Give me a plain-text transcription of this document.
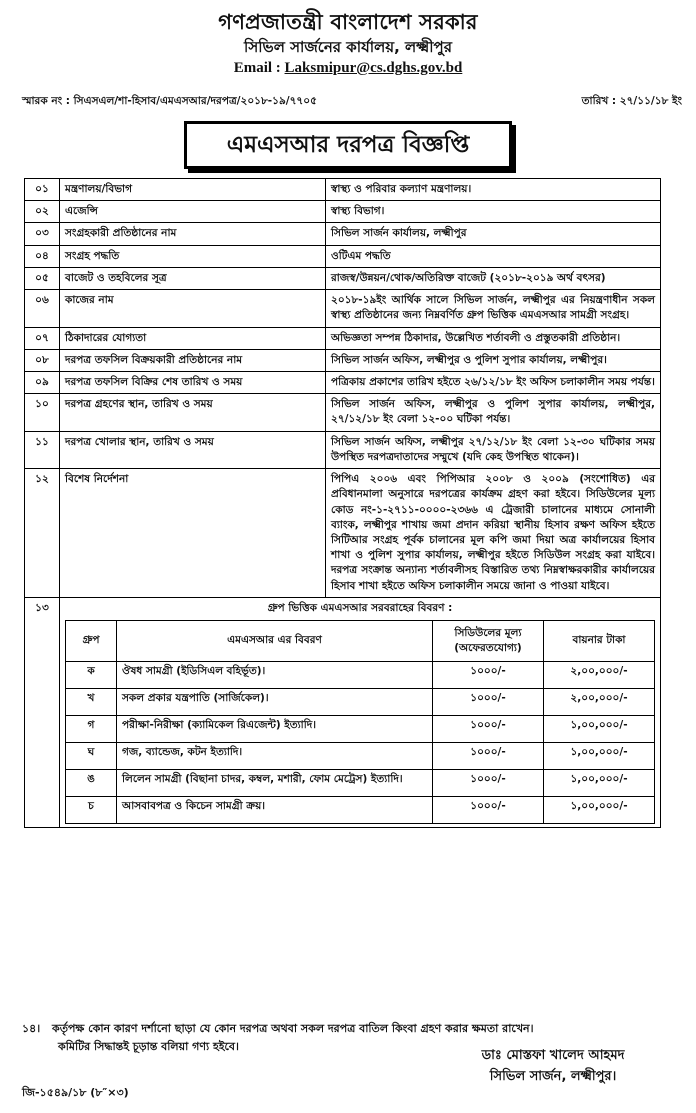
গণপ্রজাতন্ত্রী বাংলাদেশ সরকার
সিভিল সার্জনের কার্যালয়, লক্ষ্মীপুর
Email : Laksmipur@cs.dghs.gov.bd
স্মারক নং : সিএসএল/শা-হিসাব/এমএসআর/দরপত্র/২০১৮-১৯/৭৭০৫	তারিখ : ২৭/১১/১৮ ইং
এমএসআর দরপত্র বিজ্ঞপ্তি
০১	মন্ত্রণালয়/বিভাগ	স্বাস্থ্য ও পরিবার কল্যাণ মন্ত্রণালয়।
০২	এজেন্সি	স্বাস্থ্য বিভাগ।
০৩	সংগ্রহকারী প্রতিষ্ঠানের নাম	সিভিল সার্জন কার্যালয়, লক্ষ্মীপুর
০৪	সংগ্রহ পদ্ধতি	ওটিএম পদ্ধতি
০৫	বাজেট ও তহবিলের সূত্র	রাজস্ব/উন্নয়ন/থোক/অতিরিক্ত বাজেট (২০১৮-২০১৯ অর্থ বৎসর)
০৬	কাজের নাম	২০১৮-১৯ইং আর্থিক সালে সিভিল সার্জন, লক্ষ্মীপুর এর নিয়ন্ত্রণাধীন সকল স্বাস্থ্য প্রতিষ্ঠানের জন্য নিম্নবর্ণিত গ্রুপ ভিত্তিক এমএসআর সামগ্রী সংগ্রহ।
০৭	ঠিকাদারের যোগ্যতা	অভিজ্ঞতা সম্পন্ন ঠিকাদার, উল্লেখিত শর্তাবলী ও প্রস্তুতকারী প্রতিষ্ঠান।
০৮	দরপত্র তফসিল বিক্রয়কারী প্রতিষ্ঠানের নাম	সিভিল সার্জন অফিস, লক্ষ্মীপুর ও পুলিশ সুপার কার্যালয়, লক্ষ্মীপুর।
০৯	দরপত্র তফসিল বিক্রির শেষ তারিখ ও সময়	পত্রিকায় প্রকাশের তারিখ হইতে ২৬/১২/১৮ ইং অফিস চলাকালীন সময় পর্যন্ত।
১০	দরপত্র গ্রহণের স্থান, তারিখ ও সময়	সিভিল সার্জন অফিস, লক্ষ্মীপুর ও পুলিশ সুপার কার্যালয়, লক্ষ্মীপুর, ২৭/১২/১৮ ইং বেলা ১২-০০ ঘটিকা পর্যন্ত।
১১	দরপত্র খোলার স্থান, তারিখ ও সময়	সিভিল সার্জন অফিস, লক্ষ্মীপুর ২৭/১২/১৮ ইং বেলা ১২-৩০ ঘটিকার সময় উপস্থিত দরপত্রদাতাদের সম্মুখে (যদি কেহ উপস্থিত থাকেন)।
১২	বিশেষ নির্দেশনা	পিপিএ ২০০৬ এবং পিপিআর ২০০৮ ও ২০০৯ (সংশোধিত) এর প্রবিধানমালা অনুসারে দরপত্রের কার্যক্রম গ্রহণ করা হইবে। সিডিউলের মূল্য কোড নং-১-২৭১১-০০০০-২৩৬৬ এ ট্রেজারী চালানের মাধ্যমে সোনালী ব্যাংক, লক্ষ্মীপুর শাখায় জমা প্রদান করিয়া স্থানীয় হিসাব রক্ষণ অফিস হইতে সিটিআর সংগ্রহ পূর্বক চালানের মূল কপি জমা দিয়া অত্র কার্যালয়ের হিসাব শাখা ও পুলিশ সুপার কার্যালয়, লক্ষ্মীপুর হইতে সিডিউল সংগ্রহ করা যাইবে। দরপত্র সংক্রান্ত অন্যান্য শর্তাবলীসহ বিস্তারিত তথ্য নিম্নস্বাক্ষরকারীর কার্যালয়ের হিসাব শাখা হইতে অফিস চলাকালীন সময়ে জানা ও পাওয়া যাইবে।
১৩	গ্রুপ ভিত্তিক এমএসআর সরবরাহের বিবরণ :
গ্রুপ	এমএসআর এর বিবরণ	সিডিউলের মূল্য (অফেরতযোগ্য)	বায়নার টাকা
ক	ঔষধ সামগ্রী (ইডিসিএল বহির্ভূত)।	১০০০/-	২,০০,০০০/-
খ	সকল প্রকার যন্ত্রপাতি (সার্জিকেল)।	১০০০/-	২,০০,০০০/-
গ	পরীক্ষা-নিরীক্ষা (ক্যামিকেল রিএজেন্ট) ইত্যাদি।	১০০০/-	১,০০,০০০/-
ঘ	গজ, ব্যান্ডেজ, কটন ইত্যাদি।	১০০০/-	১,০০,০০০/-
ঙ	লিলেন সামগ্রী (বিছানা চাদর, কম্বল, মশারী, ফোম মেট্রেস) ইত্যাদি।	১০০০/-	১,০০,০০০/-
চ	আসবাবপত্র ও কিচেন সামগ্রী ক্রয়।	১০০০/-	১,০০,০০০/-
১৪। কর্তৃপক্ষ কোন কারণ দর্শানো ছাড়া যে কোন দরপত্র অথবা সকল দরপত্র বাতিল কিংবা গ্রহণ করার ক্ষমতা রাখেন।
কমিটির সিদ্ধান্তই চূড়ান্ত বলিয়া গণ্য হইবে।
ডাঃ মোস্তফা খালেদ আহমদ
সিভিল সার্জন, লক্ষ্মীপুর।
জি-১৫৪৯/১৮ (৮″×৩)
